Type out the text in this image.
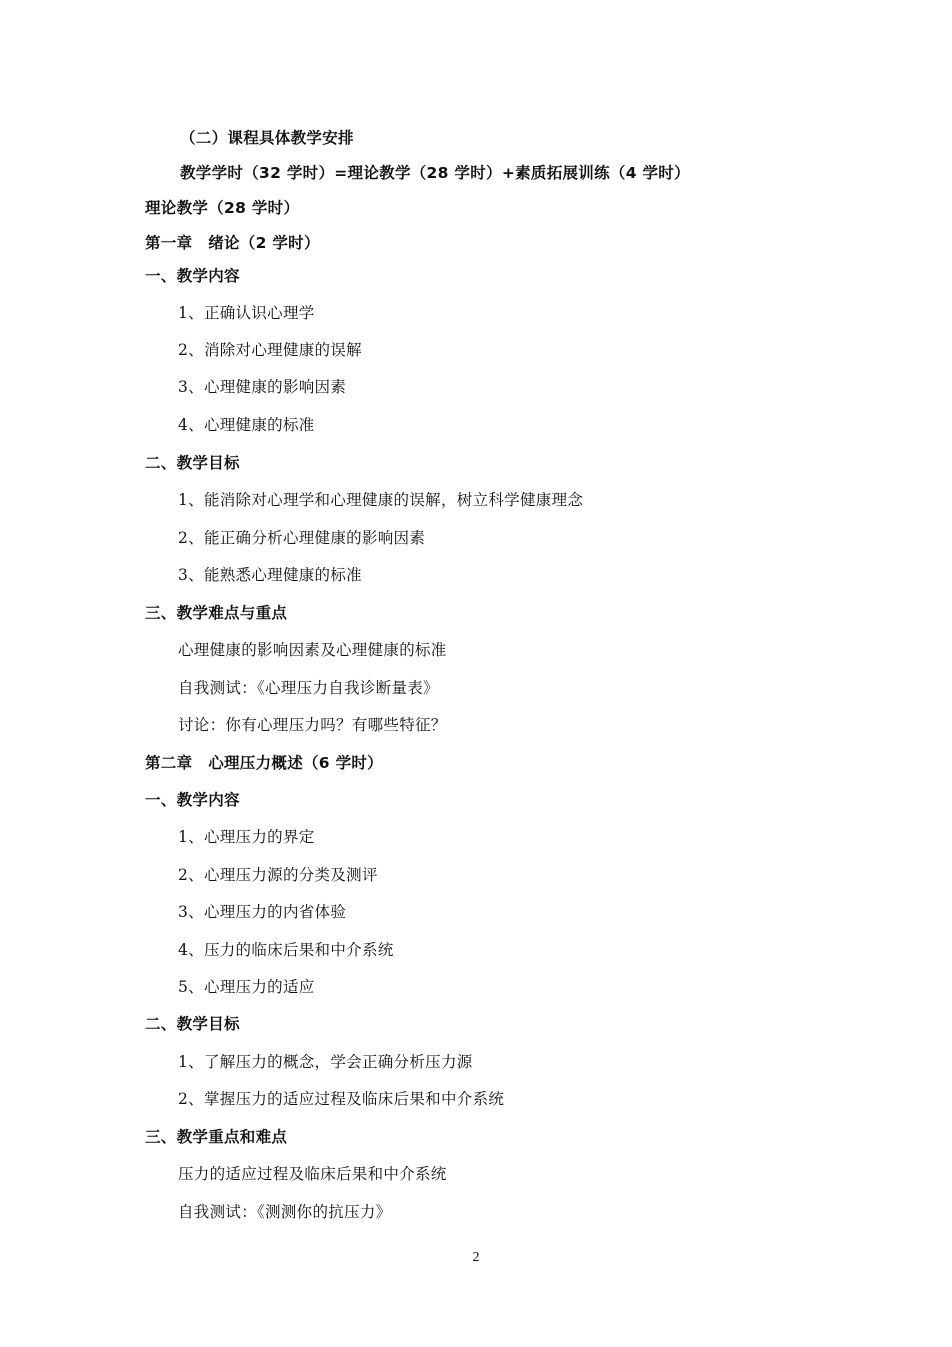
（二）课程具体教学安排
教学学时（32 学时）=理论教学（28 学时）+素质拓展训练（4 学时）
理论教学（28 学时）
第一章　绪论（2 学时）
一、教学内容
1、正确认识心理学
2、消除对心理健康的误解
3、心理健康的影响因素
4、心理健康的标准
二、教学目标
1、能消除对心理学和心理健康的误解，树立科学健康理念
2、能正确分析心理健康的影响因素
3、能熟悉心理健康的标准
三、教学难点与重点
心理健康的影响因素及心理健康的标准
自我测试：《心理压力自我诊断量表》
讨论：你有心理压力吗？有哪些特征？
第二章　心理压力概述（6 学时）
一、教学内容
1、心理压力的界定
2、心理压力源的分类及测评
3、心理压力的内省体验
4、压力的临床后果和中介系统
5、心理压力的适应
二、教学目标
1、了解压力的概念，学会正确分析压力源
2、掌握压力的适应过程及临床后果和中介系统
三、教学重点和难点
压力的适应过程及临床后果和中介系统
自我测试：《测测你的抗压力》
2
